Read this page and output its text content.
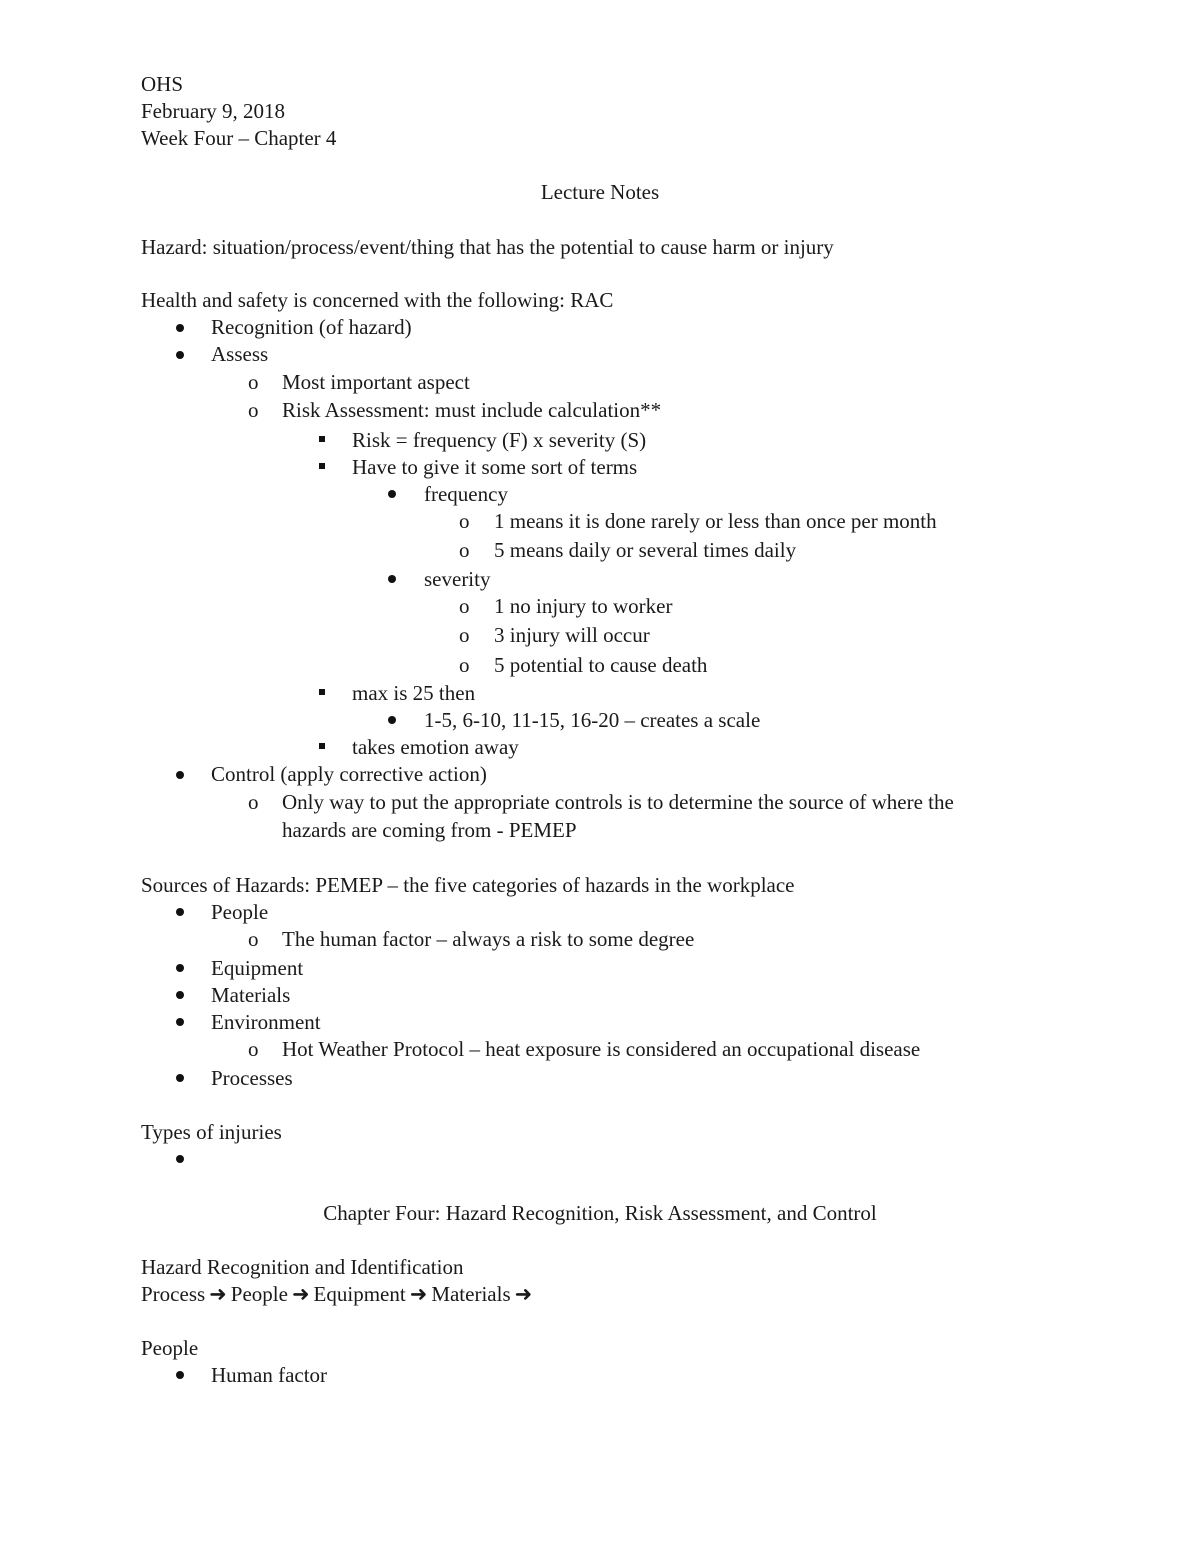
OHS
February 9, 2018
Week Four – Chapter 4
Lecture Notes
Hazard: situation/process/event/thing that has the potential to cause harm or injury
Health and safety is concerned with the following: RAC
Recognition (of hazard)
Assess
o Most important aspect
o Risk Assessment: must include calculation**
Risk = frequency (F) x severity (S)
Have to give it some sort of terms
frequency
o 1 means it is done rarely or less than once per month
o 5 means daily or several times daily
severity
o 1 no injury to worker
o 3 injury will occur
o 5 potential to cause death
max is 25 then
1-5, 6-10, 11-15, 16-20 – creates a scale
takes emotion away
Control (apply corrective action)
o Only way to put the appropriate controls is to determine the source of where the
hazards are coming from - PEMEP
Sources of Hazards: PEMEP – the five categories of hazards in the workplace
People
o The human factor – always a risk to some degree
Equipment
Materials
Environment
o Hot Weather Protocol – heat exposure is considered an occupational disease
Processes
Types of injuries
Chapter Four: Hazard Recognition, Risk Assessment, and Control
Hazard Recognition and Identification
Process ➜ People ➜ Equipment ➜ Materials ➜
People
Human factor
